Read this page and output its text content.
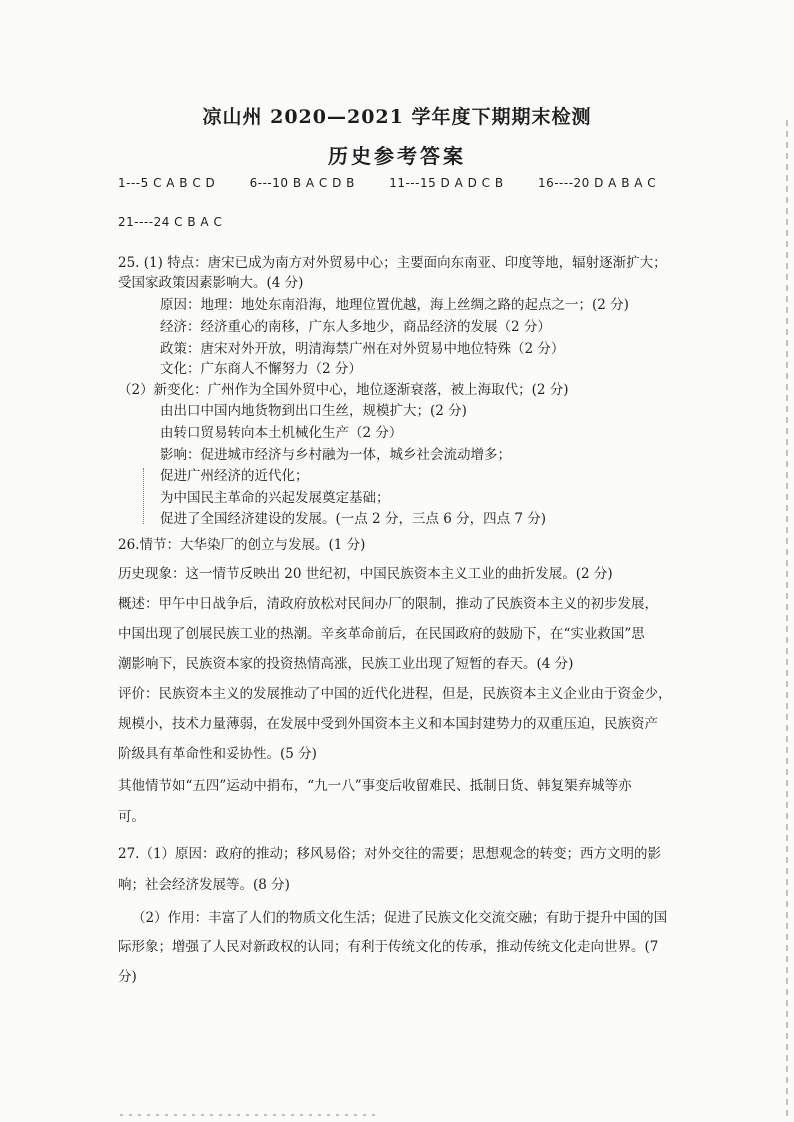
凉山州 2020—2021 学年度下期期末检测
历史参考答案
1---5 C A B C D	6---10 B A C D B	11---15 D A D C B	16----20 D A B A C
21----24 C B A C
25. (1) 特点：唐宋已成为南方对外贸易中心；主要面向东南亚、印度等地，辐射逐渐扩大；
受国家政策因素影响大。(4 分)
原因：地理：地处东南沿海，地理位置优越，海上丝绸之路的起点之一；(2 分)
经济：经济重心的南移，广东人多地少，商品经济的发展（2 分）
政策：唐宋对外开放，明清海禁广州在对外贸易中地位特殊（2 分）
文化：广东商人不懈努力（2 分）
（2）新变化：广州作为全国外贸中心，地位逐渐衰落，被上海取代；(2 分)
由出口中国内地货物到出口生丝，规模扩大；(2 分)
由转口贸易转向本土机械化生产（2 分）
影响：促进城市经济与乡村融为一体，城乡社会流动增多；
促进广州经济的近代化；
为中国民主革命的兴起发展奠定基础；
促进了全国经济建设的发展。(一点 2 分，三点 6 分，四点 7 分)
26.情节：大华染厂的创立与发展。(1 分)
历史现象：这一情节反映出 20 世纪初，中国民族资本主义工业的曲折发展。(2 分)
概述：甲午中日战争后，清政府放松对民间办厂的限制，推动了民族资本主义的初步发展，
中国出现了创展民族工业的热潮。辛亥革命前后，在民国政府的鼓励下，在“实业救国”思
潮影响下，民族资本家的投资热情高涨，民族工业出现了短暂的春天。(4 分)
评价：民族资本主义的发展推动了中国的近代化进程，但是，民族资本主义企业由于资金少，
规模小，技术力量薄弱，在发展中受到外国资本主义和本国封建势力的双重压迫，民族资产
阶级具有革命性和妥协性。(5 分)
其他情节如“五四”运动中捐布，“九一八”事变后收留难民、抵制日货、韩复榘弃城等亦
可。
27.（1）原因：政府的推动；移风易俗；对外交往的需要；思想观念的转变；西方文明的影
响；社会经济发展等。(8 分)
（2）作用：丰富了人们的物质文化生活；促进了民族文化交流交融；有助于提升中国的国
际形象；增强了人民对新政权的认同；有利于传统文化的传承，推动传统文化走向世界。(7
分)
